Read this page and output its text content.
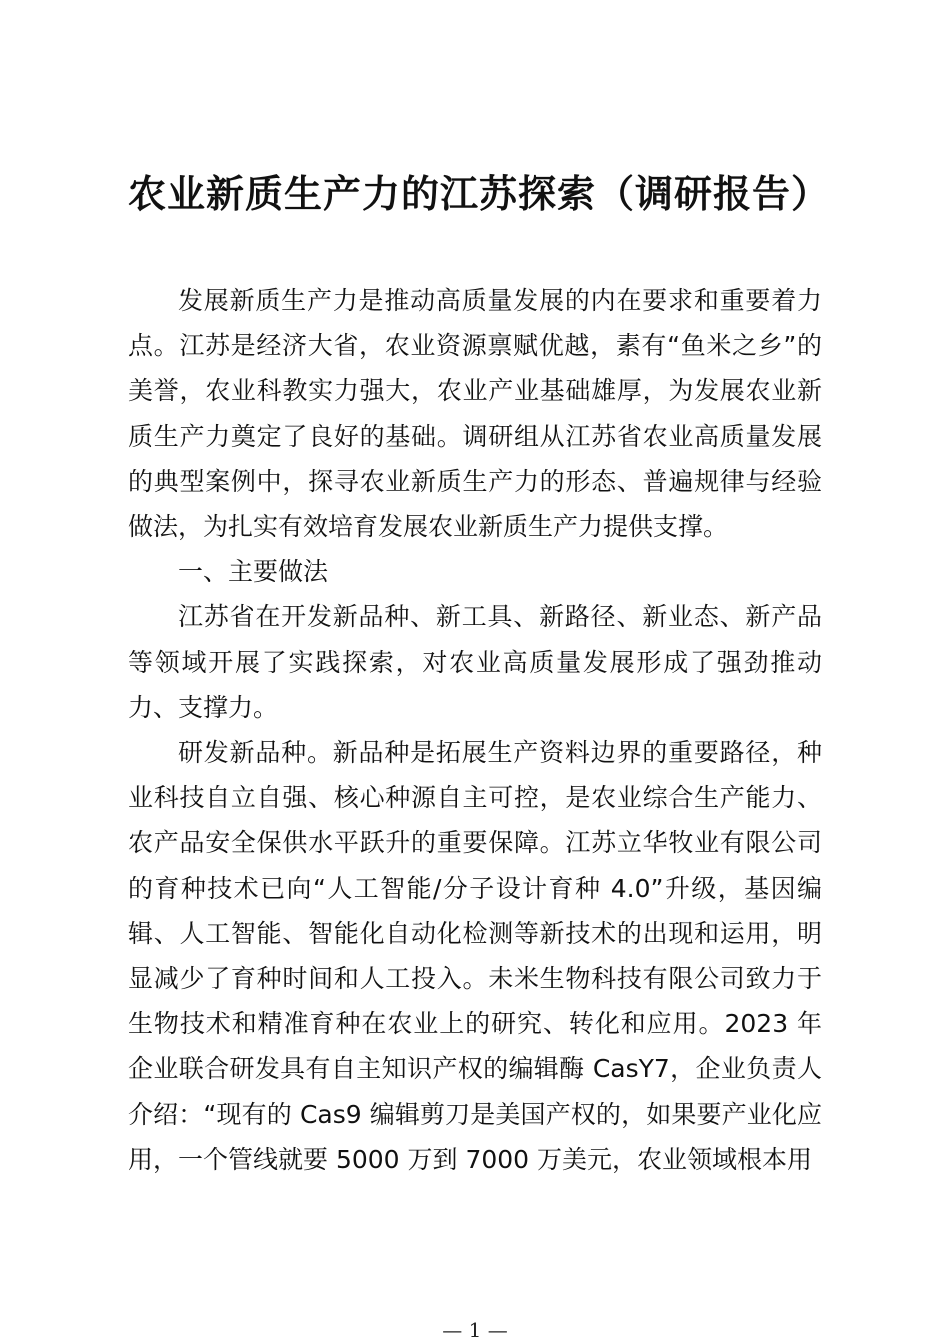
农业新质生产力的江苏探索（调研报告）

发展新质生产力是推动高质量发展的内在要求和重要着力点。江苏是经济大省，农业资源禀赋优越，素有“鱼米之乡”的美誉，农业科教实力强大，农业产业基础雄厚，为发展农业新质生产力奠定了良好的基础。调研组从江苏省农业高质量发展的典型案例中，探寻农业新质生产力的形态、普遍规律与经验做法，为扎实有效培育发展农业新质生产力提供支撑。

一、主要做法

江苏省在开发新品种、新工具、新路径、新业态、新产品等领域开展了实践探索，对农业高质量发展形成了强劲推动力、支撑力。

研发新品种。新品种是拓展生产资料边界的重要路径，种业科技自立自强、核心种源自主可控，是农业综合生产能力、农产品安全保供水平跃升的重要保障。江苏立华牧业有限公司的育种技术已向“人工智能/分子设计育种 4.0”升级，基因编辑、人工智能、智能化自动化检测等新技术的出现和运用，明显减少了育种时间和人工投入。未米生物科技有限公司致力于生物技术和精准育种在农业上的研究、转化和应用。2023 年企业联合研发具有自主知识产权的编辑酶 CasY7，企业负责人介绍：“现有的 Cas9 编辑剪刀是美国产权的，如果要产业化应用，一个管线就要 5000 万到 7000 万美元，农业领域根本用

— 1 —
